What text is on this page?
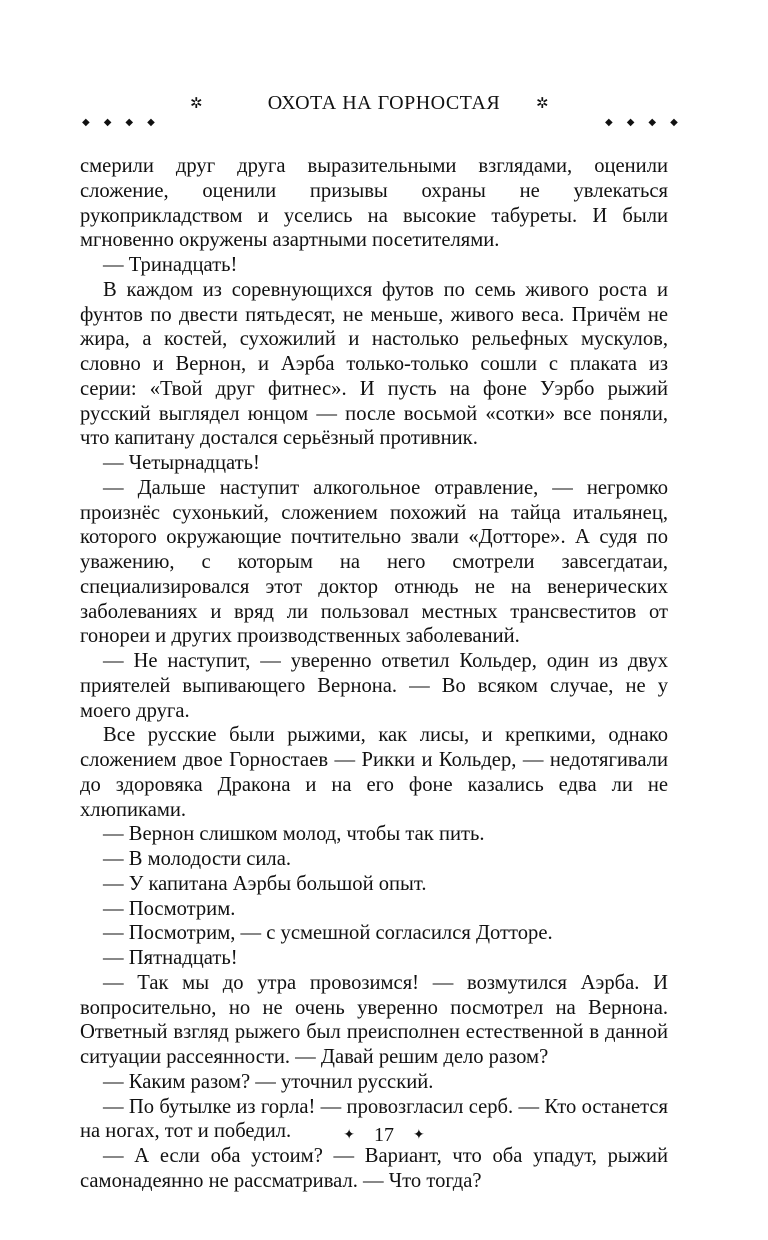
✲	ОХОТА НА ГОРНОСТАЯ	✲
◆◆◆◆	◆◆◆◆

смерили друг друга выразительными взглядами, оценили сложение, оценили призывы охраны не увлекаться рукоприкладством и уселись на высокие табуреты. И были мгновенно окружены азартными посетителями.

— Тринадцать!

В каждом из соревнующихся футов по семь живого роста и фунтов по двести пятьдесят, не меньше, живого веса. Причём не жира, а костей, сухожилий и настолько рельефных мускулов, словно и Вернон, и Аэрба только-только сошли с плаката из серии: «Твой друг фитнес». И пусть на фоне Уэрбо рыжий русский выглядел юнцом — после восьмой «сотки» все поняли, что капитану достался серьёзный противник.

— Четырнадцать!

— Дальше наступит алкогольное отравление, — негромко произнёс сухонький, сложением похожий на тайца итальянец, которого окружающие почтительно звали «Дотторе». А судя по уважению, с которым на него смотрели завсегдатаи, специализировался этот доктор отнюдь не на венерических заболеваниях и вряд ли пользовал местных трансвеститов от гонореи и других производственных заболеваний.

— Не наступит, — уверенно ответил Кольдер, один из двух приятелей выпивающего Вернона. — Во всяком случае, не у моего друга.

Все русские были рыжими, как лисы, и крепкими, однако сложением двое Горностаев — Рикки и Кольдер, — недотягивали до здоровяка Дракона и на его фоне казались едва ли не хлюпиками.

— Вернон слишком молод, чтобы так пить.

— В молодости сила.

— У капитана Аэрбы большой опыт.

— Посмотрим.

— Посмотрим, — с усмешной согласился Дотторе.

— Пятнадцать!

— Так мы до утра провозимся! — возмутился Аэрба. И вопросительно, но не очень уверенно посмотрел на Вернона. Ответный взгляд рыжего был преисполнен естественной в данной ситуации рассеянности. — Давай решим дело разом?

— Каким разом? — уточнил русский.

— По бутылке из горла! — провозгласил серб. — Кто останется на ногах, тот и победил.

— А если оба устоим? — Вариант, что оба упадут, рыжий самонадеянно не рассматривал. — Что тогда?

✦ 17 ✦
